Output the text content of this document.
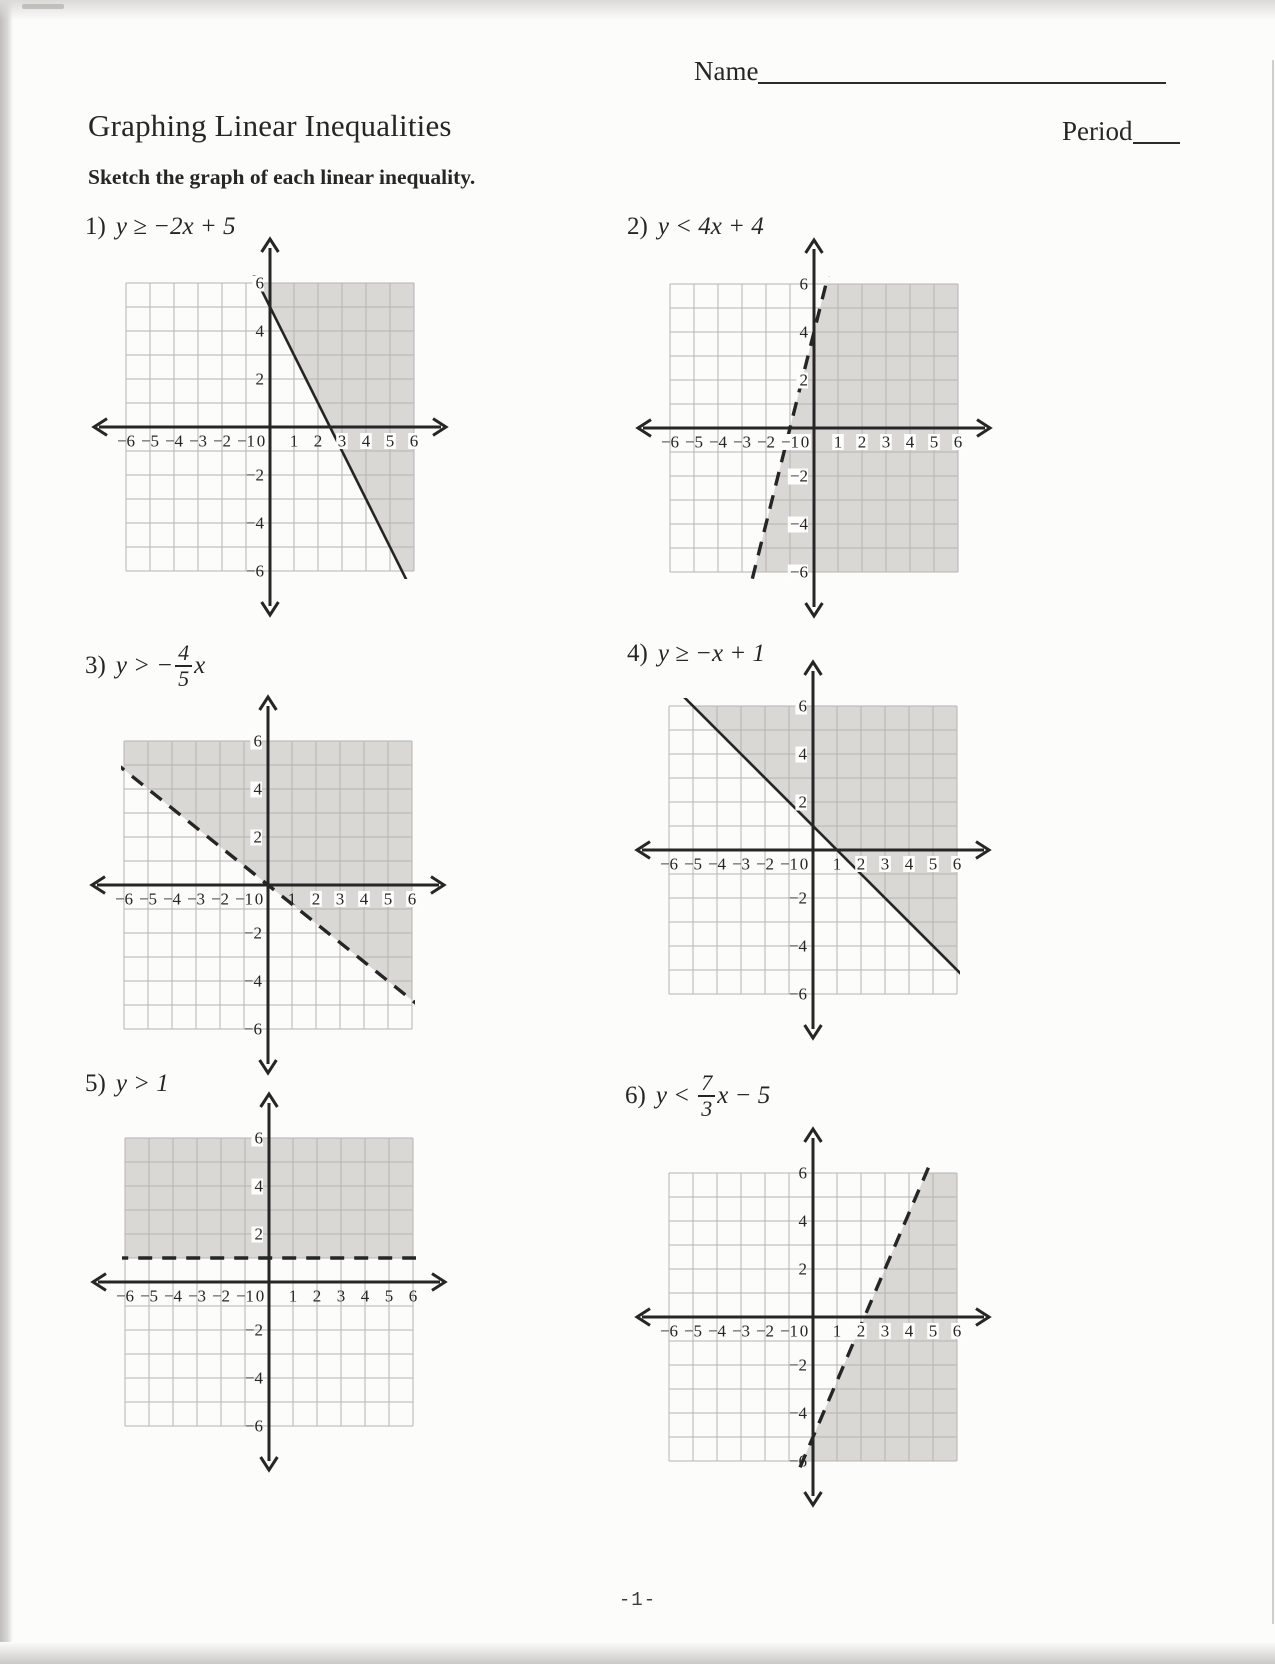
Name
Graphing Linear Inequalities	Period
Sketch the graph of each linear inequality.
1) y ≥ −2x + 5
−6 −5 −4 −3 −2 −1 0 1 2 3 4 5 6
6
4
2
−2
−4
−6
2) y < 4x + 4
−6 −5 −4 −3 −2 −1 0 1 2 3 4 5 6
6
4
2
−2
−4
−6
3) y > − $\frac{4}{5}$ x
−6 −5 −4 −3 −2 −1 0 1 2 3 4 5 6
6
4
2
−2
−4
−6
4) y ≥ −x + 1
−6 −5 −4 −3 −2 −1 0 1 2 3 4 5 6
6
4
2
−2
−4
−6
5) y > 1
−6 −5 −4 −3 −2 −1 0 1 2 3 4 5 6
6
4
2
−2
−4
−6
6) $y < \frac{7}{3}$ x − 5
−6 −5 −4 −3 −2 −1 0 1 2 3 4 5 6
6
4
2
−2
−4
−6
-1-
